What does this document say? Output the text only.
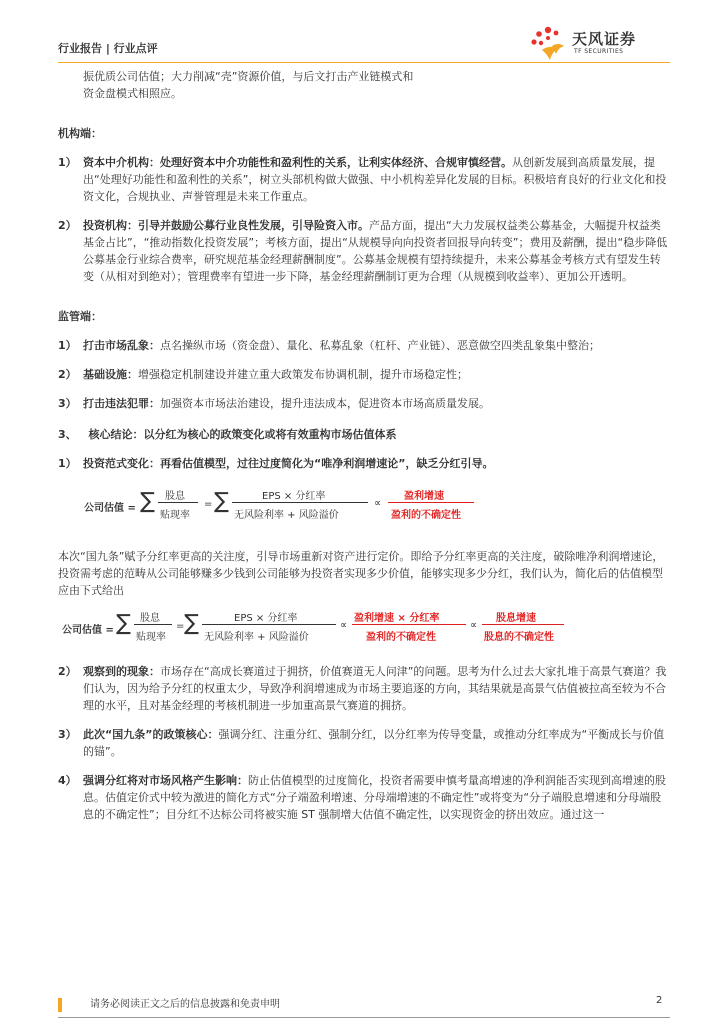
行业报告 | 行业点评
天风证券
TF SECURITIES

振优质公司估值；大力削减“壳”资源价值，与后文打击产业链模式和

资金盘模式相照应。

机构端：

1） 资本中介机构：处理好资本中介功能性和盈利性的关系，让利实体经济、合规审慎经营。从创新发展到高质量发展，提出“处理好功能性和盈利性的关系”，树立头部机构做大做强、中小机构差异化发展的目标。积极培育良好的行业文化和投资文化，合规执业、声誉管理是未来工作重点。
2） 投资机构：引导并鼓励公募行业良性发展，引导险资入市。产品方面，提出“大力发展权益类公募基金，大幅提升权益类基金占比”，“推动指数化投资发展”；考核方面，提出“从规模导向向投资者回报导向转变”；费用及薪酬，提出“稳步降低公募基金行业综合费率，研究规范基金经理薪酬制度”。公募基金规模有望持续提升，未来公募基金考核方式有望发生转变（从相对到绝对）；管理费率有望进一步下降，基金经理薪酬制订更为合理（从规模到收益率）、更加公开透明。

监管端：

1） 打击市场乱象：点名操纵市场（资金盘）、量化、私募乱象（杠杆、产业链）、恶意做空四类乱象集中整治；
2） 基础设施：增强稳定机制建设并建立重大政策发布协调机制，提升市场稳定性；
3） 打击违法犯罪：加强资本市场法治建设，提升违法成本，促进资本市场高质量发展。
3、 核心结论：以分红为核心的政策变化或将有效重构市场估值体系
1） 投资范式变化：再看估值模型，过往过度简化为“唯净利润增速论”，缺乏分红引导。
公司估值 = ∑ 股息
贴现率
= ∑	EPS × 分红率
无风险利率 + 风险溢价
∝
盈利增速
盈利的不确定性

本次“国九条”赋予分红率更高的关注度，引导市场重新对资产进行定价。即给予分红率更高的关注度，破除唯净利润增速论，投资需考虑的范畴从公司能够赚多少钱到公司能够为投资者实现多少价值，能够实现多少分红，我们认为，简化后的估值模型应由下式给出

公司估值 = ∑ 股息
贴现率
= ∑	EPS × 分红率
无风险利率 + 风险溢价
∝
盈利增速 × 分红率
盈利的不确定性
∝
股息增速
股息的不确定性
2） 观察到的现象：市场存在“高成长赛道过于拥挤，价值赛道无人问津”的问题。思考为什么过去大家扎堆于高景气赛道？我们认为，因为给予分红的权重太少，导致净利润增速成为市场主要追逐的方向，其结果就是高景气估值被拉高至较为不合理的水平，且对基金经理的考核机制进一步加重高景气赛道的拥挤。
3） 此次“国九条”的政策核心：强调分红、注重分红、强制分红，以分红率为传导变量，或推动分红率成为“平衡成长与价值的锚”。
4） 强调分红将对市场风格产生影响：防止估值模型的过度简化，投资者需要申慎考量高增速的净利润能否实现到高增速的股息。估值定价式中较为激进的简化方式“分子端盈利增速、分母端增速的不确定性”或将变为“分子端股息增速和分母端股息的不确定性”；目分红不达标公司将被实施 ST 强制增大估值不确定性，以实现资金的挤出效应。通过这一
请务必阅读正文之后的信息披露和免责申明	2
